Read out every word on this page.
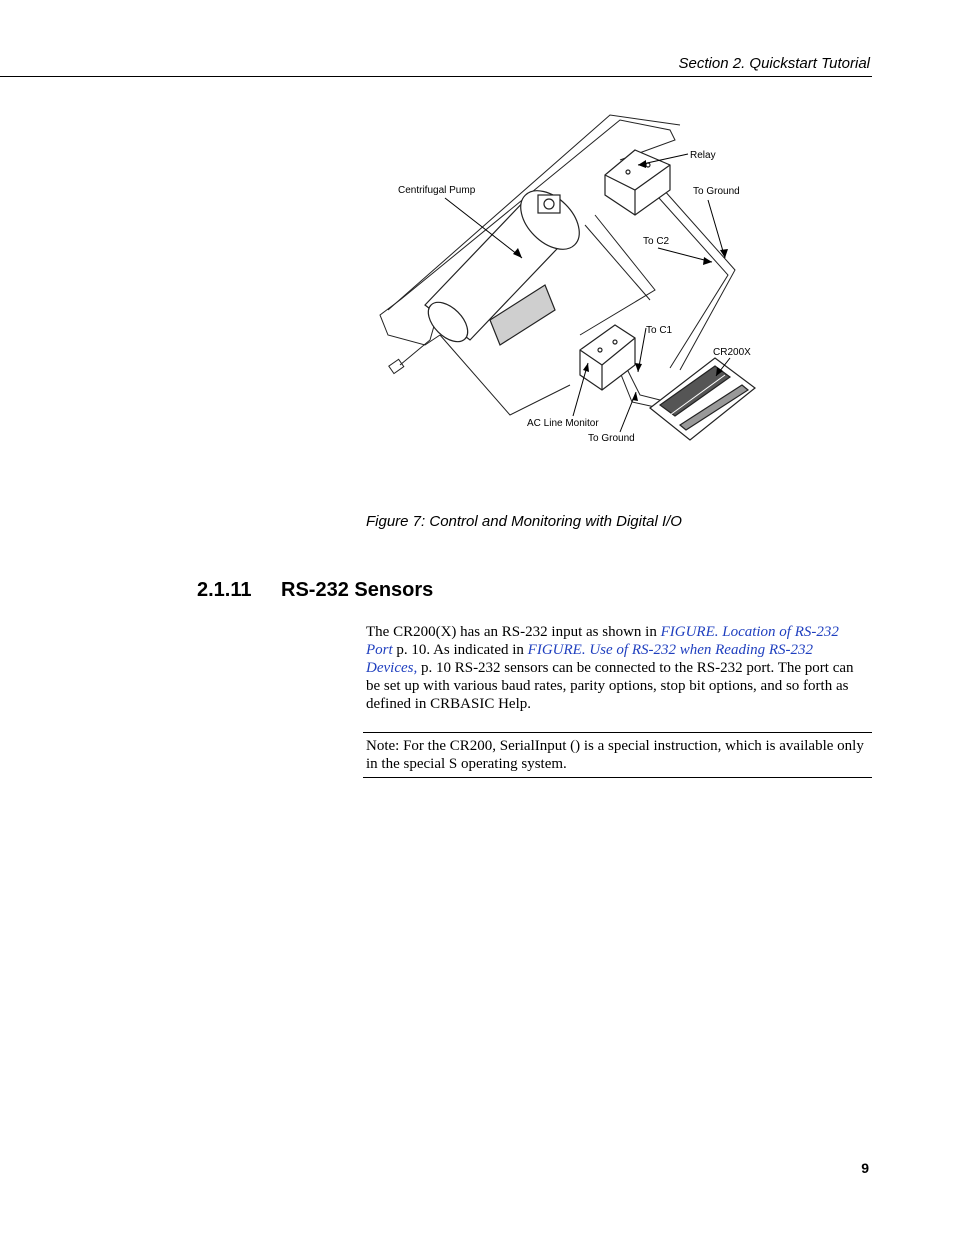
Section 2. Quickstart Tutorial
Relay
To Ground
Centrifugal Pump
To C2
To C1
CR200X
AC Line Monitor
To Ground
Figure 7: Control and Monitoring with Digital I/O
2.1.11 RS-232 Sensors

The CR200(X) has an RS-232 input as shown in FIGURE. Location of RS-232 Port p. 10. As indicated in FIGURE. Use of RS-232 when Reading RS-232 Devices, p. 10 RS-232 sensors can be connected to the RS-232 port. The port can be set up with various baud rates, parity options, stop bit options, and so forth as defined in CRBASIC Help.

Note: For the CR200, SerialInput () is a special instruction, which is available only in the special S operating system.
9
